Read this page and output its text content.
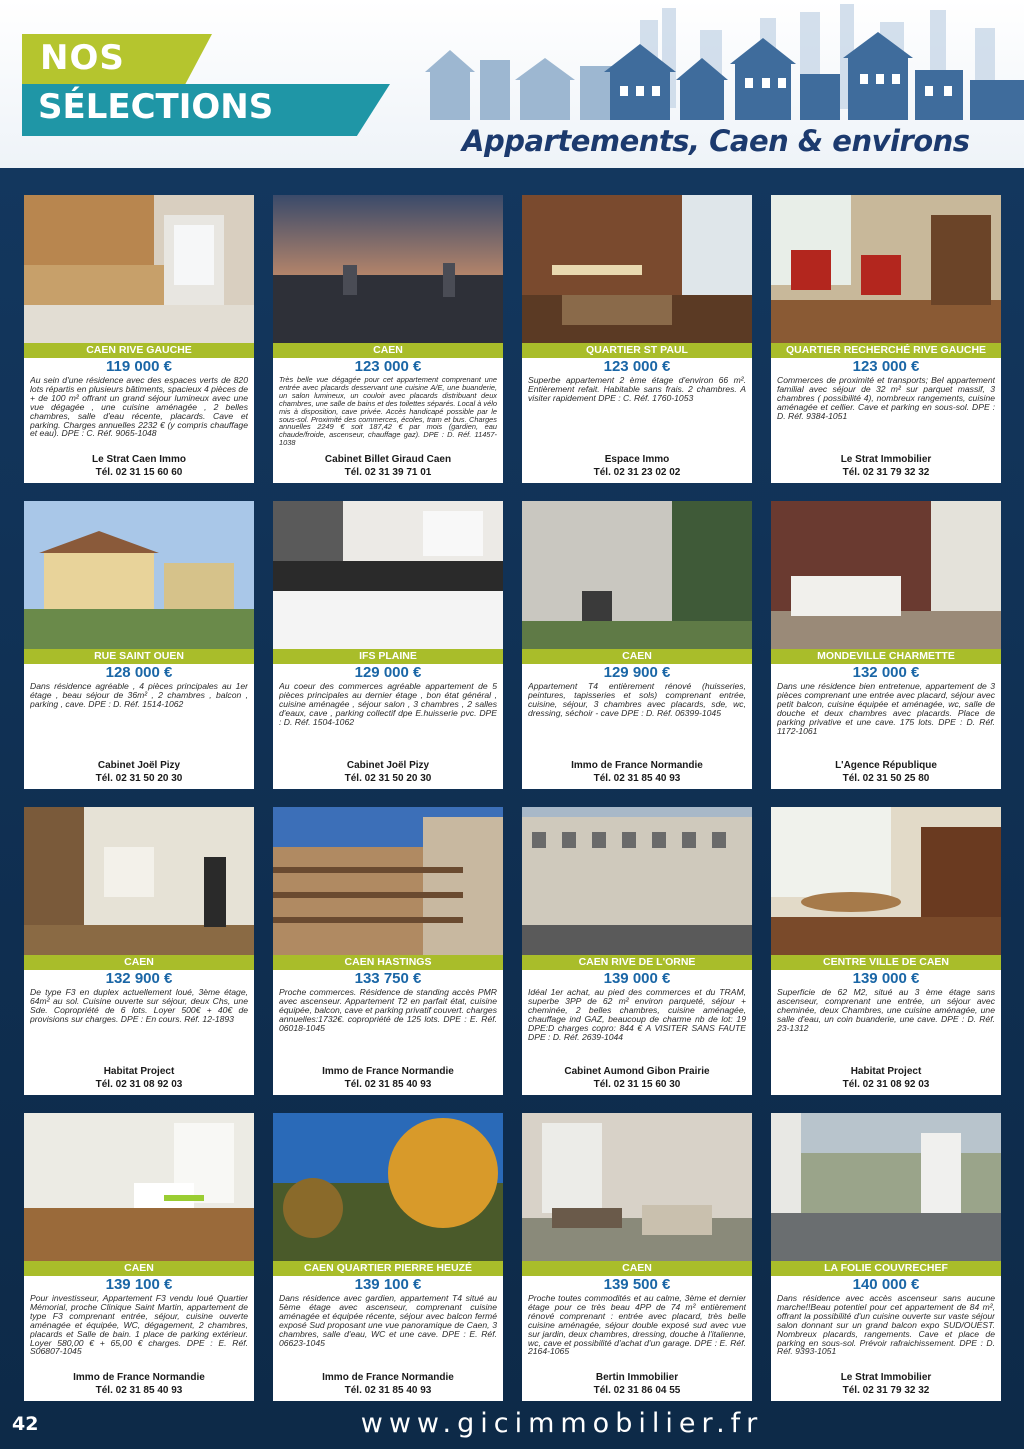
NOS
SÉLECTIONS
Appartements, Caen & environs
CAEN RIVE GAUCHE
119 000 €
Au sein d'une résidence avec des espaces verts de 820 lots répartis en plusieurs bâtiments, spacieux 4 pièces de + de 100 m² offrant un grand séjour lumineux avec une vue dégagée , une cuisine aménagée , 2 belles chambres, salle d'eau récente, placards. Cave et parking. Charges annuelles 2232 € (y compris chauffage et eau). DPE : C. Réf. 9065-1048
Le Strat Caen Immo
Tél. 02 31 15 60 60
CAEN
123 000 €
Très belle vue dégagée pour cet appartement comprenant une entrée avec placards desservant une cuisine A/E, une buanderie, un salon lumineux, un couloir avec placards distribuant deux chambres, une salle de bains et des toilettes séparés. Local à vélo mis à disposition, cave privée. Accès handicapé possible par le sous-sol. Proximité des commerces, écoles, tram et bus. Charges annuelles 2249 € soit 187,42 € par mois (gardien, eau chaude/froide, ascenseur, chauffage gaz). DPE : D. Réf. 11457-1038
Cabinet Billet Giraud Caen
Tél. 02 31 39 71 01
QUARTIER ST PAUL
123 000 €
Superbe appartement 2 ème étage d'environ 66 m². Entièrement refait. Habitable sans frais. 2 chambres. A visiter rapidement DPE : C. Réf. 1760-1053
Espace Immo
Tél. 02 31 23 02 02
QUARTIER RECHERCHÉ RIVE GAUCHE
123 000 €
Commerces de proximité et transports; Bel appartement familial avec séjour de 32 m² sur parquet massif, 3 chambres ( possibilité 4), nombreux rangements, cuisine aménagée et cellier. Cave et parking en sous-sol. DPE : D. Réf. 9384-1051
Le Strat Immobilier
Tél. 02 31 79 32 32
RUE SAINT OUEN
128 000 €
Dans résidence agréable , 4 pièces principales au 1er étage , beau séjour de 36m² , 2 chambres , balcon , parking , cave. DPE : D. Réf. 1514-1062
Cabinet Joël Pizy
Tél. 02 31 50 20 30
IFS PLAINE
129 000 €
Au coeur des commerces agréable appartement de 5 pièces principales au dernier étage , bon état général , cuisine aménagée , séjour salon , 3 chambres , 2 salles d'eaux, cave , parking collectif dpe E.huisserie pvc. DPE : D. Réf. 1504-1062
Cabinet Joël Pizy
Tél. 02 31 50 20 30
CAEN
129 900 €
Appartement T4 entièrement rénové (huisseries, peintures, tapisseries et sols) comprenant entrée, cuisine, séjour, 3 chambres avec placards, sde, wc, dressing, séchoir - cave DPE : D. Réf. 06399-1045
Immo de France Normandie
Tél. 02 31 85 40 93
MONDEVILLE CHARMETTE
132 000 €
Dans une résidence bien entretenue, appartement de 3 pièces comprenant une entrée avec placard, séjour avec petit balcon, cuisine équipée et aménagée, wc, salle de douche et deux chambres avec placards. Place de parking privative et une cave. 175 lots. DPE : D. Réf. 1172-1061
L'Agence République
Tél. 02 31 50 25 80
CAEN
132 900 €
De type F3 en duplex actuellement loué, 3ème étage, 64m² au sol. Cuisine ouverte sur séjour, deux Chs, une Sde. Copropriété de 6 lots. Loyer 500€ + 40€ de provisions sur charges. DPE : En cours. Réf. 12-1893
Habitat Project
Tél. 02 31 08 92 03
CAEN HASTINGS
133 750 €
Proche commerces. Résidence de standing accès PMR avec ascenseur. Appartement T2 en parfait état, cuisine équipée, balcon, cave et parking privatif couvert. charges annuelles:1732€. copropriété de 125 lots. DPE : E. Réf. 06018-1045
Immo de France Normandie
Tél. 02 31 85 40 93
CAEN RIVE DE L'ORNE
139 000 €
Idéal 1er achat, au pied des commerces et du TRAM, superbe 3PP de 62 m² environ parqueté, séjour + cheminée, 2 belles chambres, cuisine aménagée, chauffage ind GAZ, beaucoup de charme nb de lot: 19 DPE:D charges copro: 844 € A VISITER SANS FAUTE DPE : D. Réf. 2639-1044
Cabinet Aumond Gibon Prairie
Tél. 02 31 15 60 30
CENTRE VILLE DE CAEN
139 000 €
Superficie de 62 M2, situé au 3 ème étage sans ascenseur, comprenant une entrée, un séjour avec cheminée, deux Chambres, une cuisine aménagée, une salle d'eau, un coin buanderie, une cave. DPE : D. Réf. 23-1312
Habitat Project
Tél. 02 31 08 92 03
CAEN
139 100 €
Pour investisseur, Appartement F3 vendu loué Quartier Mémorial, proche Clinique Saint Martin, appartement de type F3 comprenant entrée, séjour, cuisine ouverte aménagée et équipée, WC, dégagement, 2 chambres, placards et Salle de bain. 1 place de parking extérieur. Loyer 580,00 € + 65,00 € charges. DPE : E. Réf. S06807-1045
Immo de France Normandie
Tél. 02 31 85 40 93
CAEN QUARTIER PIERRE HEUZÉ
139 100 €
Dans résidence avec gardien, appartement T4 situé au 5ème étage avec ascenseur, comprenant cuisine aménagée et équipée récente, séjour avec balcon fermé exposé Sud proposant une vue panoramique de Caen, 3 chambres, salle d'eau, WC et une cave. DPE : E. Réf. 06623-1045
Immo de France Normandie
Tél. 02 31 85 40 93
CAEN
139 500 €
Proche toutes commodités et au calme, 3ème et dernier étage pour ce très beau 4PP de 74 m² entièrement rénové comprenant : entrée avec placard, très belle cuisine aménagée, séjour double exposé sud avec vue sur jardin, deux chambres, dressing, douche à l'italienne, wc, cave et possibilité d'achat d'un garage. DPE : E. Réf. 2164-1065
Bertin Immobilier
Tél. 02 31 86 04 55
LA FOLIE COUVRECHEF
140 000 €
Dans résidence avec accès ascenseur sans aucune marche!!Beau potentiel pour cet appartement de 84 m², offrant la possibilité d'un cuisine ouverte sur vaste séjour salon donnant sur un grand balcon expo SUD/OUEST. Nombreux placards, rangements. Cave et place de parking en sous-sol. Prévoir rafraichissement. DPE : D. Réf. 9393-1051
Le Strat Immobilier
Tél. 02 31 79 32 32
42	www.gicimmobilier.fr
